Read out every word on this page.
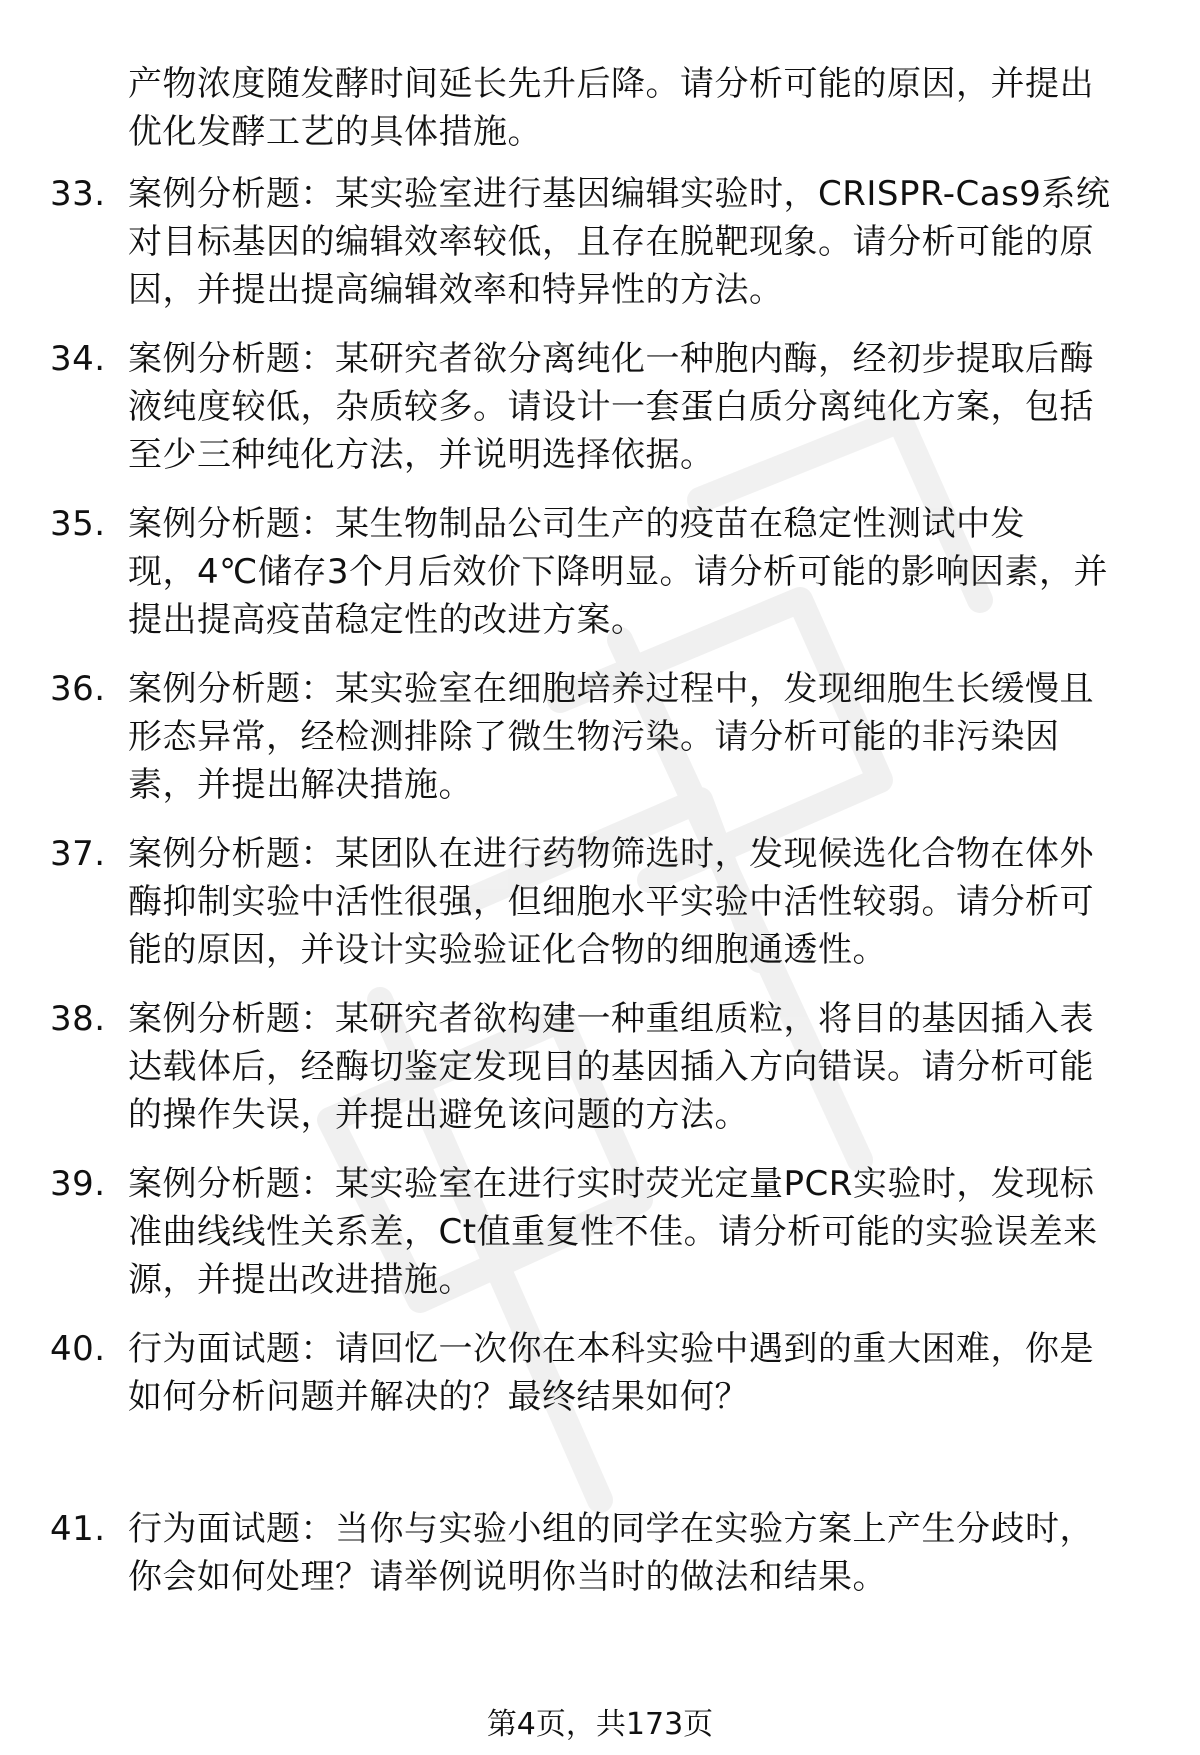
产物浓度随发酵时间延长先升后降。请分析可能的原因，并提出
优化发酵工艺的具体措施。
33. 案例分析题：某实验室进行基因编辑实验时，CRISPR-Cas9系统
对目标基因的编辑效率较低，且存在脱靶现象。请分析可能的原
因，并提出提高编辑效率和特异性的方法。
34. 案例分析题：某研究者欲分离纯化一种胞内酶，经初步提取后酶
液纯度较低，杂质较多。请设计一套蛋白质分离纯化方案，包括
至少三种纯化方法，并说明选择依据。
35. 案例分析题：某生物制品公司生产的疫苗在稳定性测试中发
现，4℃储存3个月后效价下降明显。请分析可能的影响因素，并
提出提高疫苗稳定性的改进方案。
36. 案例分析题：某实验室在细胞培养过程中，发现细胞生长缓慢且
形态异常，经检测排除了微生物污染。请分析可能的非污染因
素，并提出解决措施。
37. 案例分析题：某团队在进行药物筛选时，发现候选化合物在体外
酶抑制实验中活性很强，但细胞水平实验中活性较弱。请分析可
能的原因，并设计实验验证化合物的细胞通透性。
38. 案例分析题：某研究者欲构建一种重组质粒，将目的基因插入表
达载体后，经酶切鉴定发现目的基因插入方向错误。请分析可能
的操作失误，并提出避免该问题的方法。
39. 案例分析题：某实验室在进行实时荧光定量PCR实验时，发现标
准曲线线性关系差，Ct值重复性不佳。请分析可能的实验误差来
源，并提出改进措施。
40. 行为面试题：请回忆一次你在本科实验中遇到的重大困难，你是
如何分析问题并解决的？最终结果如何？
41. 行为面试题：当你与实验小组的同学在实验方案上产生分歧时，
你会如何处理？请举例说明你当时的做法和结果。
第4页，共173页
